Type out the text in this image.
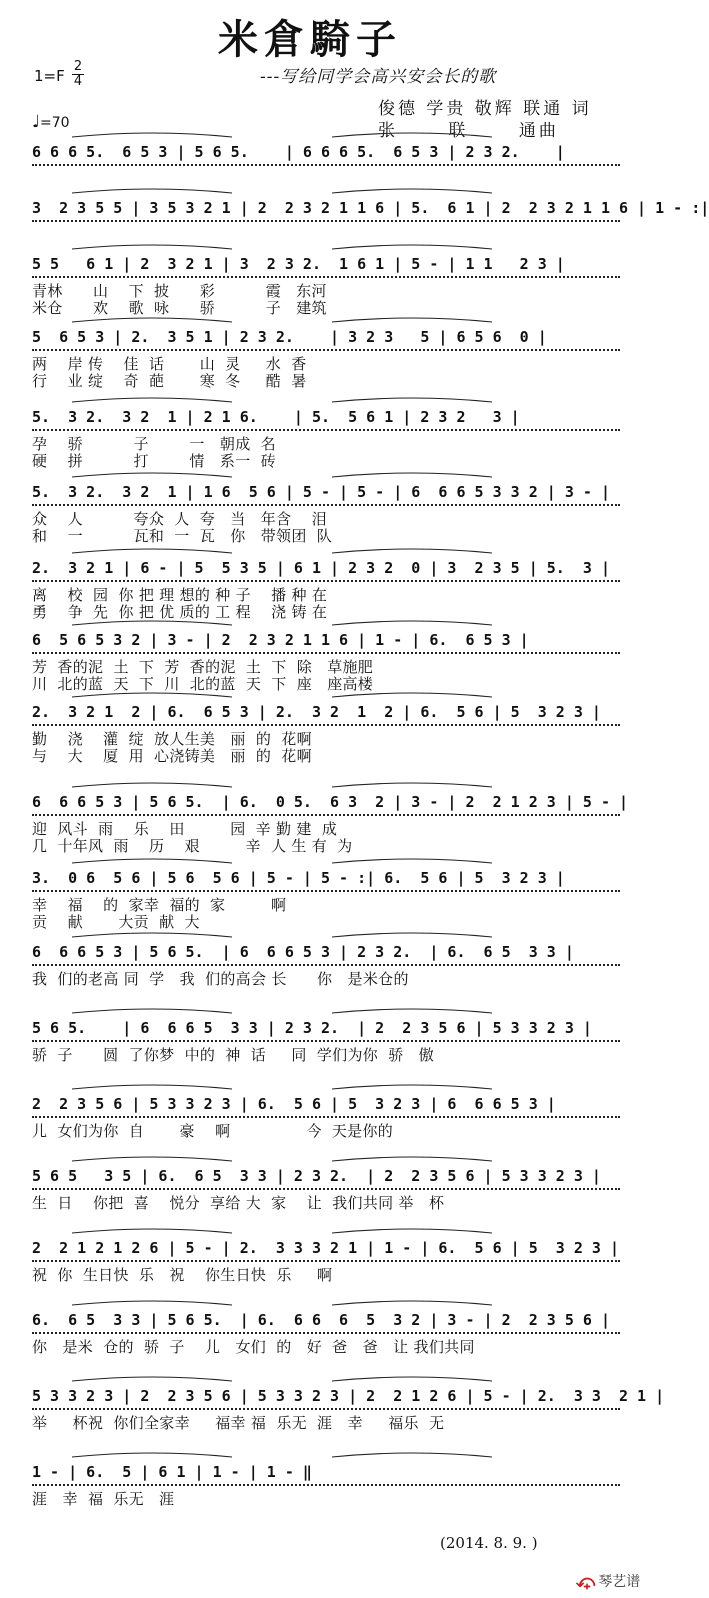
米倉騎子
1=F
2
4
♩=70
---写给同学会高兴安会长的歌
俊德 学贵 敬辉 联通 词
张      联      通曲
6 6 6 5.  6 5 3 | 5 6 5.    | 6 6 6 5.  6 5 3 | 2 3 2.    |
3  2 3 5 5 | 3 5 3 2 1 | 2  2 3 2 1 1 6 | 5.  6 1 | 2  2 3 2 1 1 6 | 1 - :|
5 5   6 1 | 2  3 2 1 | 3  2 3 2.  1 6 1 | 5 - | 1 1   2 3 |
青林      山    下  披      彩          霞   东河
米仓      欢    歌  咏      骄          子   建筑
5  6 5 3 | 2.  3 5 1 | 2 3 2.    | 3 2 3   5 | 6 5 6  0 |
两    岸 传    佳  话       山  灵     水  香
行    业 绽    奇  葩       寒  冬     酷  暑
5.  3 2.  3 2  1 | 2 1 6.    | 5.  5 6 1 | 2 3 2   3 |
孕    骄          子        一   朝成  名
硬    拼          打        情   系一  砖
5.  3 2.  3 2  1 | 1 6  5 6 | 5 - | 5 - | 6  6 6 5 3 3 2 | 3 - |
众    人          夸众  人  夸   当   年含    泪
和    一          瓦和  一  瓦   你   带领团  队
2.  3 2 1 | 6 - | 5  5 3 5 | 6 1 | 2 3 2  0 | 3  2 3 5 | 5.  3 |
离    校  园  你 把 理 想的 种 子    播 种 在
勇    争  先  你 把 优 质的 工 程    浇 铸 在
6  5 6 5 3 2 | 3 - | 2  2 3 2 1 1 6 | 1 - | 6.  6 5 3 |
芳  香的泥  土  下  芳  香的泥  土  下  除   草施肥
川  北的蓝  天  下  川  北的蓝  天  下  座   座高楼
2.  3 2 1  2 | 6.  6 5 3 | 2.  3 2  1  2 | 6.  5 6 | 5  3 2 3 |
勤    浇    灌  绽  放人生美   丽  的  花啊
与    大    厦  用  心浇铸美   丽  的  花啊
6  6 6 5 3 | 5 6 5.  | 6.  0 5.  6 3  2 | 3 - | 2  2 1 2 3 | 5 - |
迎  风斗  雨    乐    田         园  辛 勤 建  成
几  十年风  雨    历    艰         辛  人 生 有  为
3.  0 6  5 6 | 5 6  5 6 | 5 - | 5 - :| 6.  5 6 | 5  3 2 3 |
幸    福    的  家幸  福的  家         啊
贡    献       大贡  献  大
6  6 6 5 3 | 5 6 5.  | 6  6 6 5 3 | 2 3 2.  | 6.  6 5  3 3 |
我  们的老高 同  学   我  们的高会 长      你   是米仓的
5 6 5.    | 6  6 6 5  3 3 | 2 3 2.  | 2  2 3 5 6 | 5 3 3 2 3 |
骄  子      圆  了你梦  中的  神  话     同  学们为你  骄   傲
2  2 3 5 6 | 5 3 3 2 3 | 6.  5 6 | 5  3 2 3 | 6  6 6 5 3 |
儿  女们为你  自       豪    啊               今  天是你的
5 6 5   3 5 | 6.  6 5  3 3 | 2 3 2.  | 2  2 3 5 6 | 5 3 3 2 3 |
生  日    你把  喜    悦分  享给 大  家    让  我们共同 举   杯
2  2 1 2 1 2 6 | 5 - | 2.  3 3 3 2 1 | 1 - | 6.  5 6 | 5  3 2 3 |
祝  你  生日快  乐   祝    你生日快  乐     啊
6.  6 5  3 3 | 5 6 5.  | 6.  6 6  6  5  3 2 | 3 - | 2  2 3 5 6 |
你   是米  仓的  骄  子    儿   女们  的   好  爸   爸   让 我们共同
5 3 3 2 3 | 2  2 3 5 6 | 5 3 3 2 3 | 2  2 1 2 6 | 5 - | 2.  3 3  2 1 |
举     杯祝  你们全家幸     福幸 福  乐无  涯   幸     福乐  无
1 - | 6.  5 | 6 1 | 1 - | 1 - ‖
涯   幸  福  乐无   涯
(2014. 8. 9. )
⤽ 琴艺谱
